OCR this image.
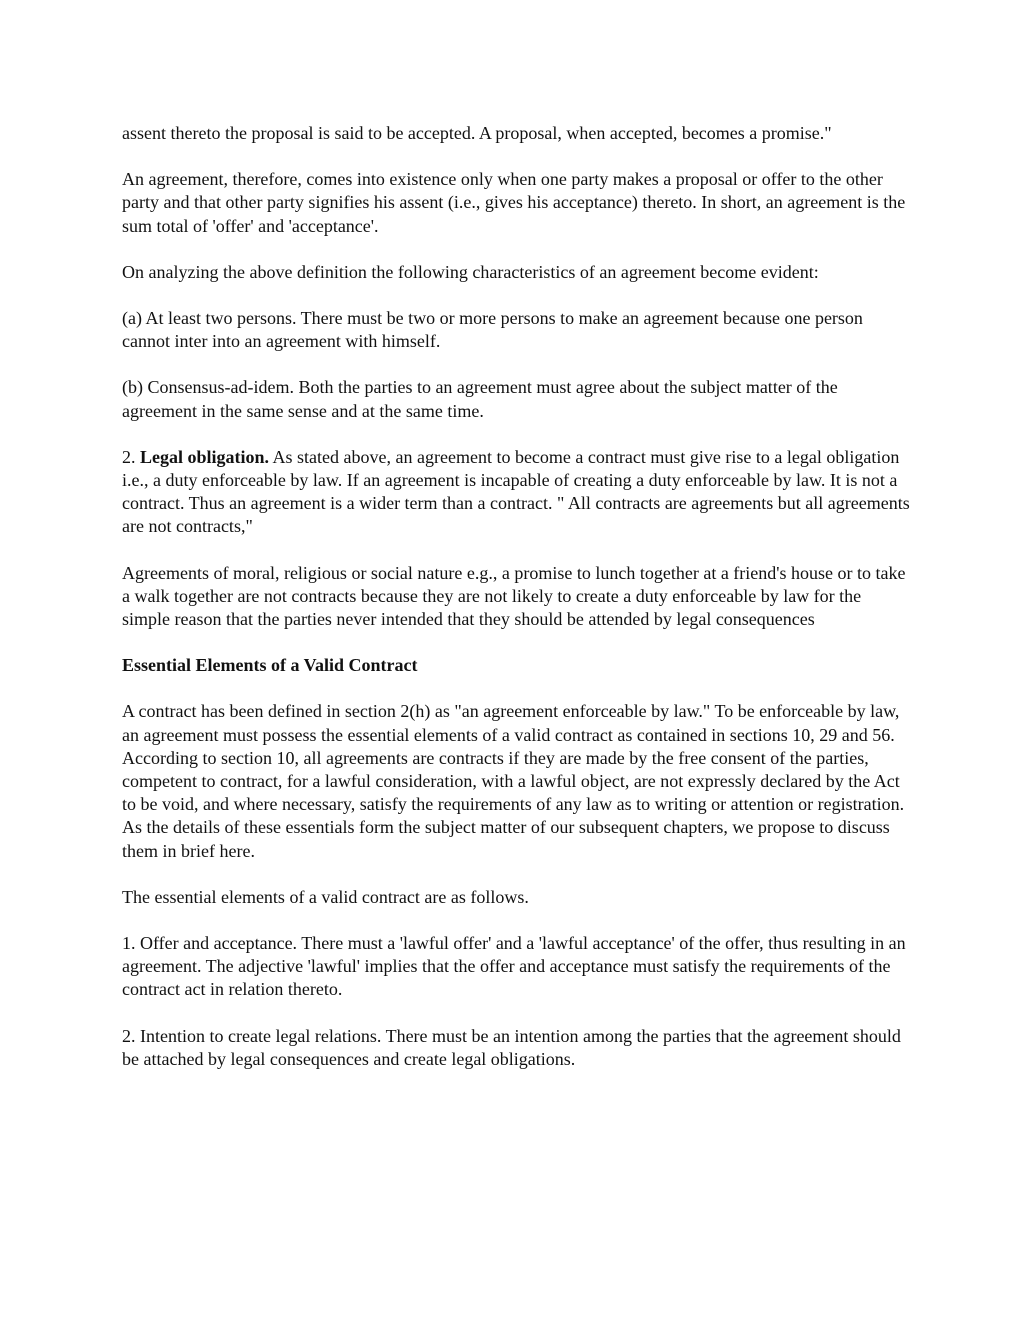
assent thereto the proposal is said to be accepted. A proposal, when accepted, becomes a promise."

An agreement, therefore, comes into existence only when one party makes a proposal or offer to the other party and that other party signifies his assent (i.e., gives his acceptance) thereto. In short, an agreement is the sum total of 'offer' and 'acceptance'.

On analyzing the above definition the following characteristics of an agreement become evident:

(a) At least two persons. There must be two or more persons to make an agreement because one person cannot inter into an agreement with himself.

(b) Consensus-ad-idem. Both the parties to an agreement must agree about the subject matter of the agreement in the same sense and at the same time.

2. Legal obligation. As stated above, an agreement to become a contract must give rise to a legal obligation i.e., a duty enforceable by law. If an agreement is incapable of creating a duty enforceable by law. It is not a contract. Thus an agreement is a wider term than a contract. " All contracts are agreements but all agreements are not contracts,"

Agreements of moral, religious or social nature e.g., a promise to lunch together at a friend's house or to take a walk together are not contracts because they are not likely to create a duty enforceable by law for the simple reason that the parties never intended that they should be attended by legal consequences

Essential Elements of a Valid Contract

A contract has been defined in section 2(h) as "an agreement enforceable by law." To be enforceable by law, an agreement must possess the essential elements of a valid contract as contained in sections 10, 29 and 56. According to section 10, all agreements are contracts if they are made by the free consent of the parties, competent to contract, for a lawful consideration, with a lawful object, are not expressly declared by the Act to be void, and where necessary, satisfy the requirements of any law as to writing or attention or registration. As the details of these essentials form the subject matter of our subsequent chapters, we propose to discuss them in brief here.

The essential elements of a valid contract are as follows.

1. Offer and acceptance. There must a 'lawful offer' and a 'lawful acceptance' of the offer, thus resulting in an agreement. The adjective 'lawful' implies that the offer and acceptance must satisfy the requirements of the contract act in relation thereto.

2. Intention to create legal relations. There must be an intention among the parties that the agreement should be attached by legal consequences and create legal obligations.
